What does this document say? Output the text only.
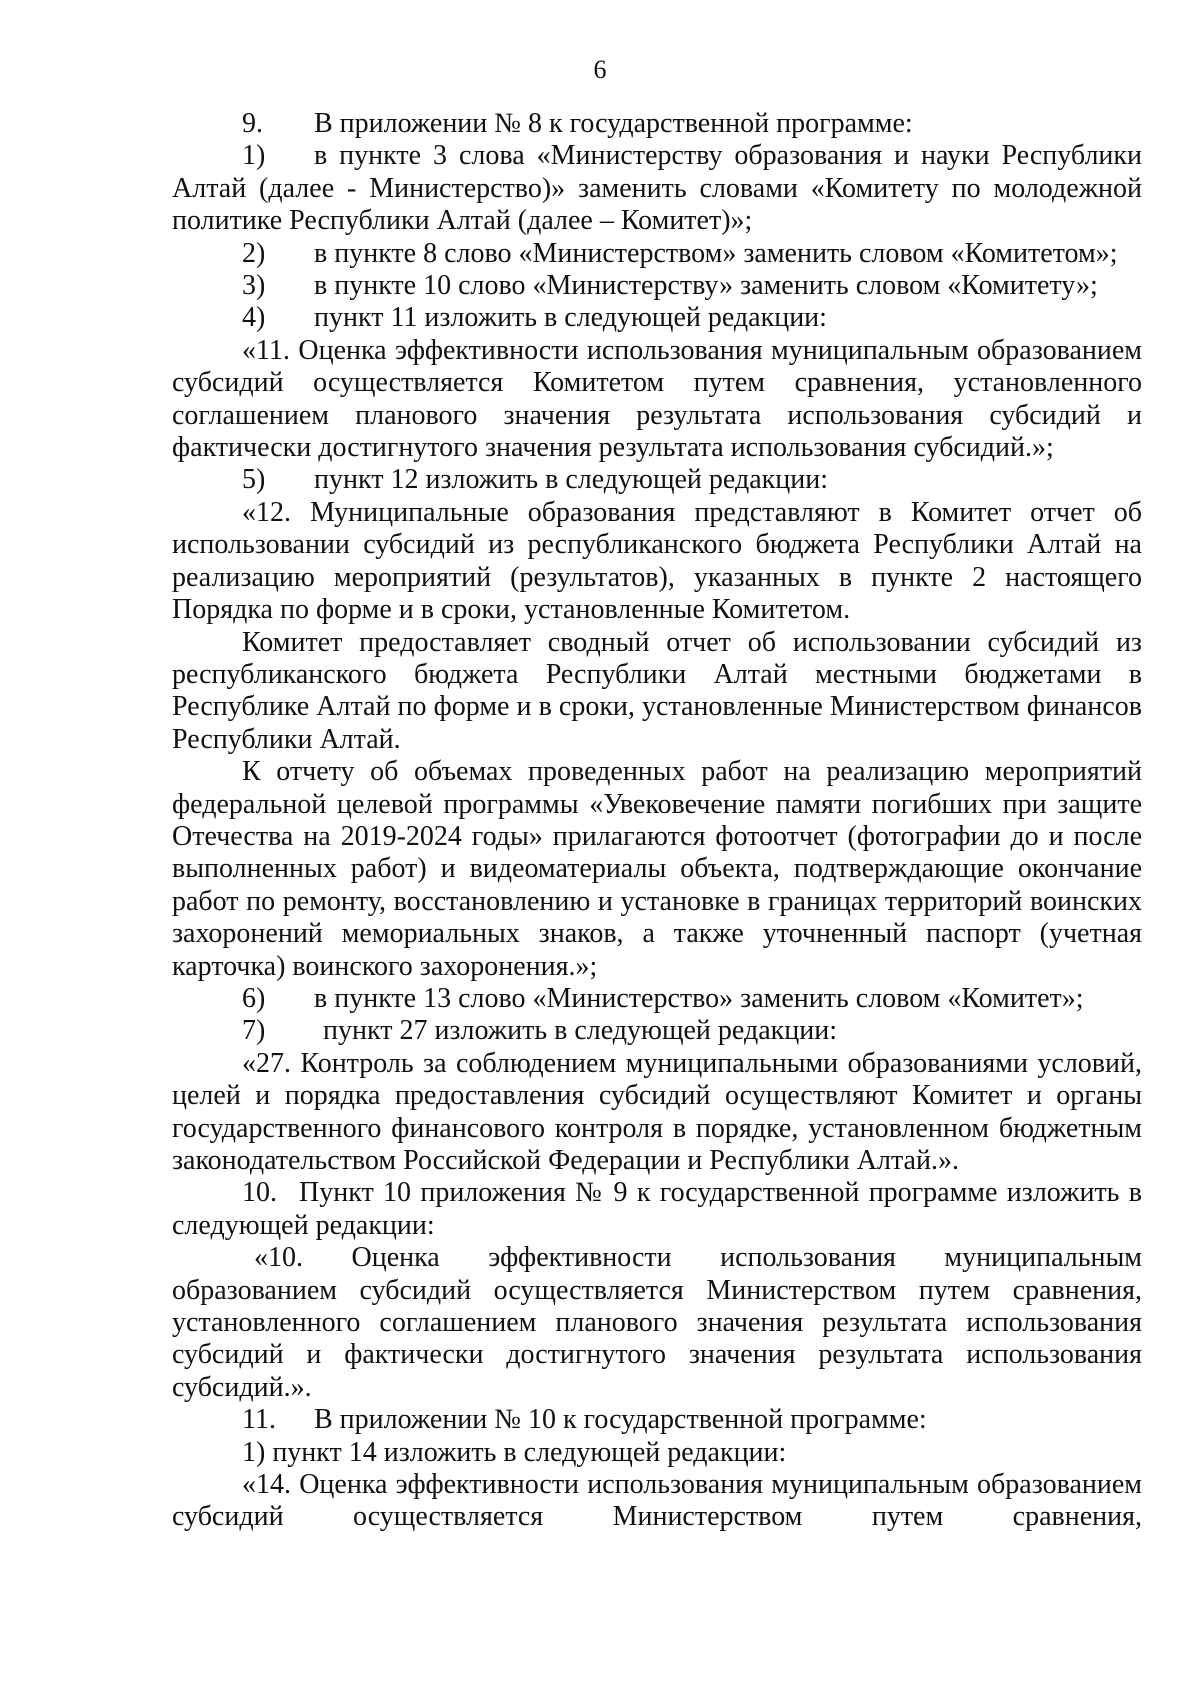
6

9. В приложении № 8 к государственной программе:

1) в пункте 3 слова «Министерству образования и науки Республики Алтай (далее - Министерство)» заменить словами «Комитету по молодежной политике Республики Алтай (далее – Комитет)»;

2) в пункте 8 слово «Министерством» заменить словом «Комитетом»;

3) в пункте 10 слово «Министерству» заменить словом «Комитету»;

4) пункт 11 изложить в следующей редакции:

«11. Оценка эффективности использования муниципальным образованием субсидий осуществляется Комитетом путем сравнения, установленного соглашением планового значения результата использования субсидий и фактически достигнутого значения результата использования субсидий.»;

5) пункт 12 изложить в следующей редакции:

«12. Муниципальные образования представляют в Комитет отчет об использовании субсидий из республиканского бюджета Республики Алтай на реализацию мероприятий (результатов), указанных в пункте 2 настоящего Порядка по форме и в сроки, установленные Комитетом.

Комитет предоставляет сводный отчет об использовании субсидий из республиканского бюджета Республики Алтай местными бюджетами в Республике Алтай по форме и в сроки, установленные Министерством финансов Республики Алтай.

К отчету об объемах проведенных работ на реализацию мероприятий федеральной целевой программы «Увековечение памяти погибших при защите Отечества на 2019-2024 годы» прилагаются фотоотчет (фотографии до и после выполненных работ) и видеоматериалы объекта, подтверждающие окончание работ по ремонту, восстановлению и установке в границах территорий воинских захоронений мемориальных знаков, а также уточненный паспорт (учетная карточка) воинского захоронения.»;

6) в пункте 13 слово «Министерство» заменить словом «Комитет»;

7) пункт 27 изложить в следующей редакции:

«27. Контроль за соблюдением муниципальными образованиями условий, целей и порядка предоставления субсидий осуществляют Комитет и органы государственного финансового контроля в порядке, установленном бюджетным законодательством Российской Федерации и Республики Алтай.».

10. Пункт 10 приложения № 9 к государственной программе изложить в следующей редакции:

«10. Оценка эффективности использования муниципальным образованием субсидий осуществляется Министерством путем сравнения, установленного соглашением планового значения результата использования субсидий и фактически достигнутого значения результата использования субсидий.».

11. В приложении № 10 к государственной программе:

1) пункт 14 изложить в следующей редакции:

«14. Оценка эффективности использования муниципальным образованием субсидий осуществляется Министерством путем сравнения,
